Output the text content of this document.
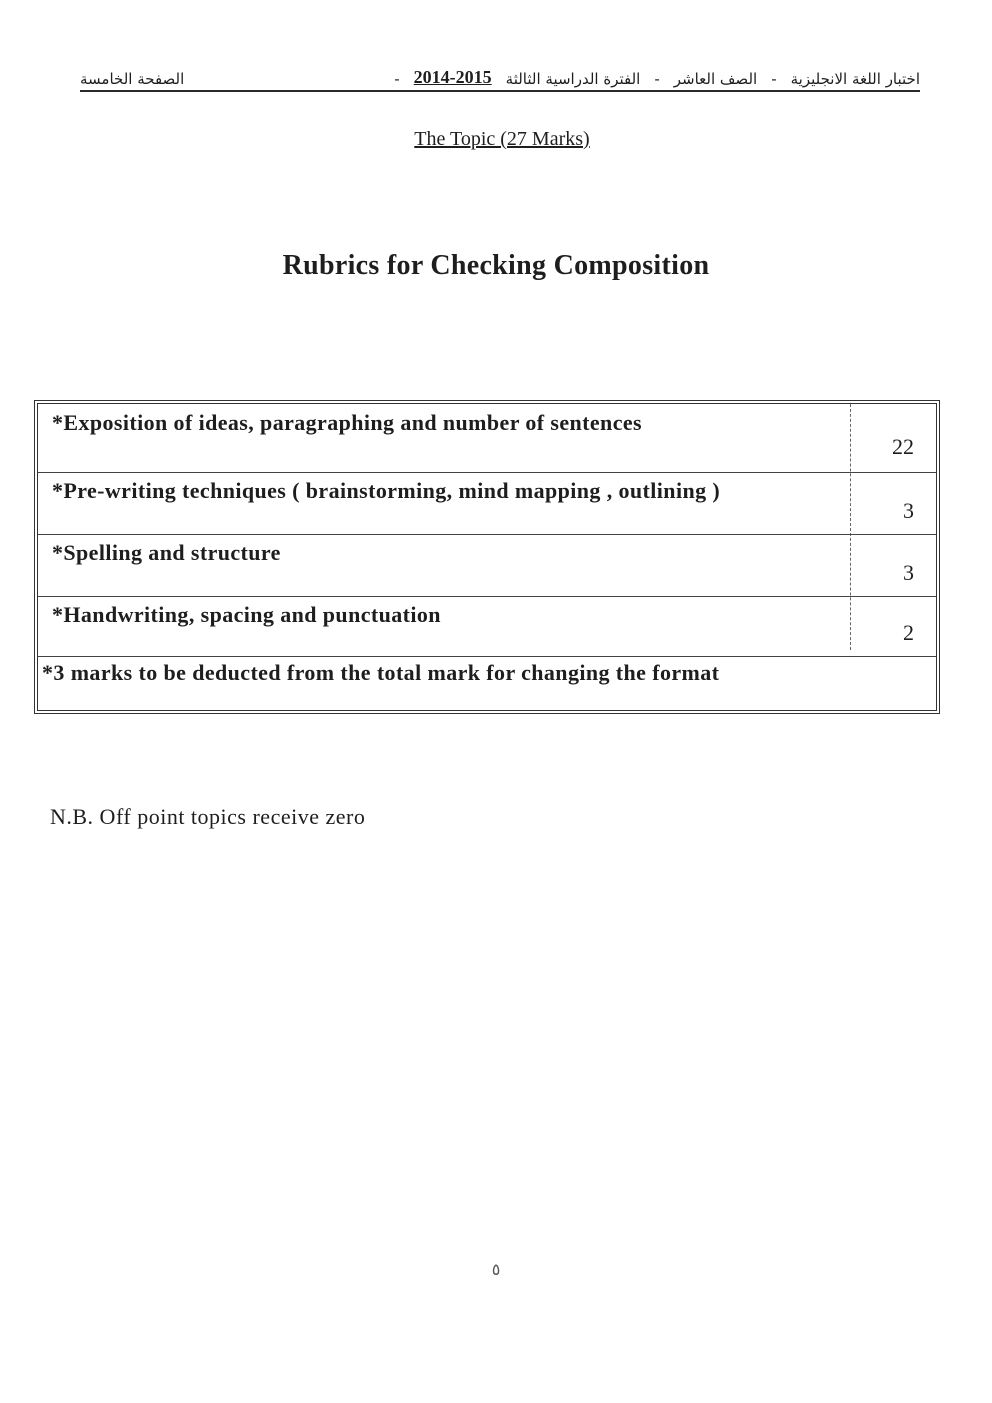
اختبار اللغة الانجليزية
-
الصف العاشر
-
الفترة الدراسية الثالثة
2014-2015
-
الصفحة الخامسة
The Topic (27 Marks)
Rubrics for Checking Composition
*Exposition of ideas, paragraphing and number of sentences
22
*Pre-writing techniques ( brainstorming, mind mapping , outlining )
3
*Spelling and structure
3
*Handwriting, spacing and punctuation
2
*3 marks to be deducted from the total mark for changing the format
N.B. Off point topics receive zero
٥
